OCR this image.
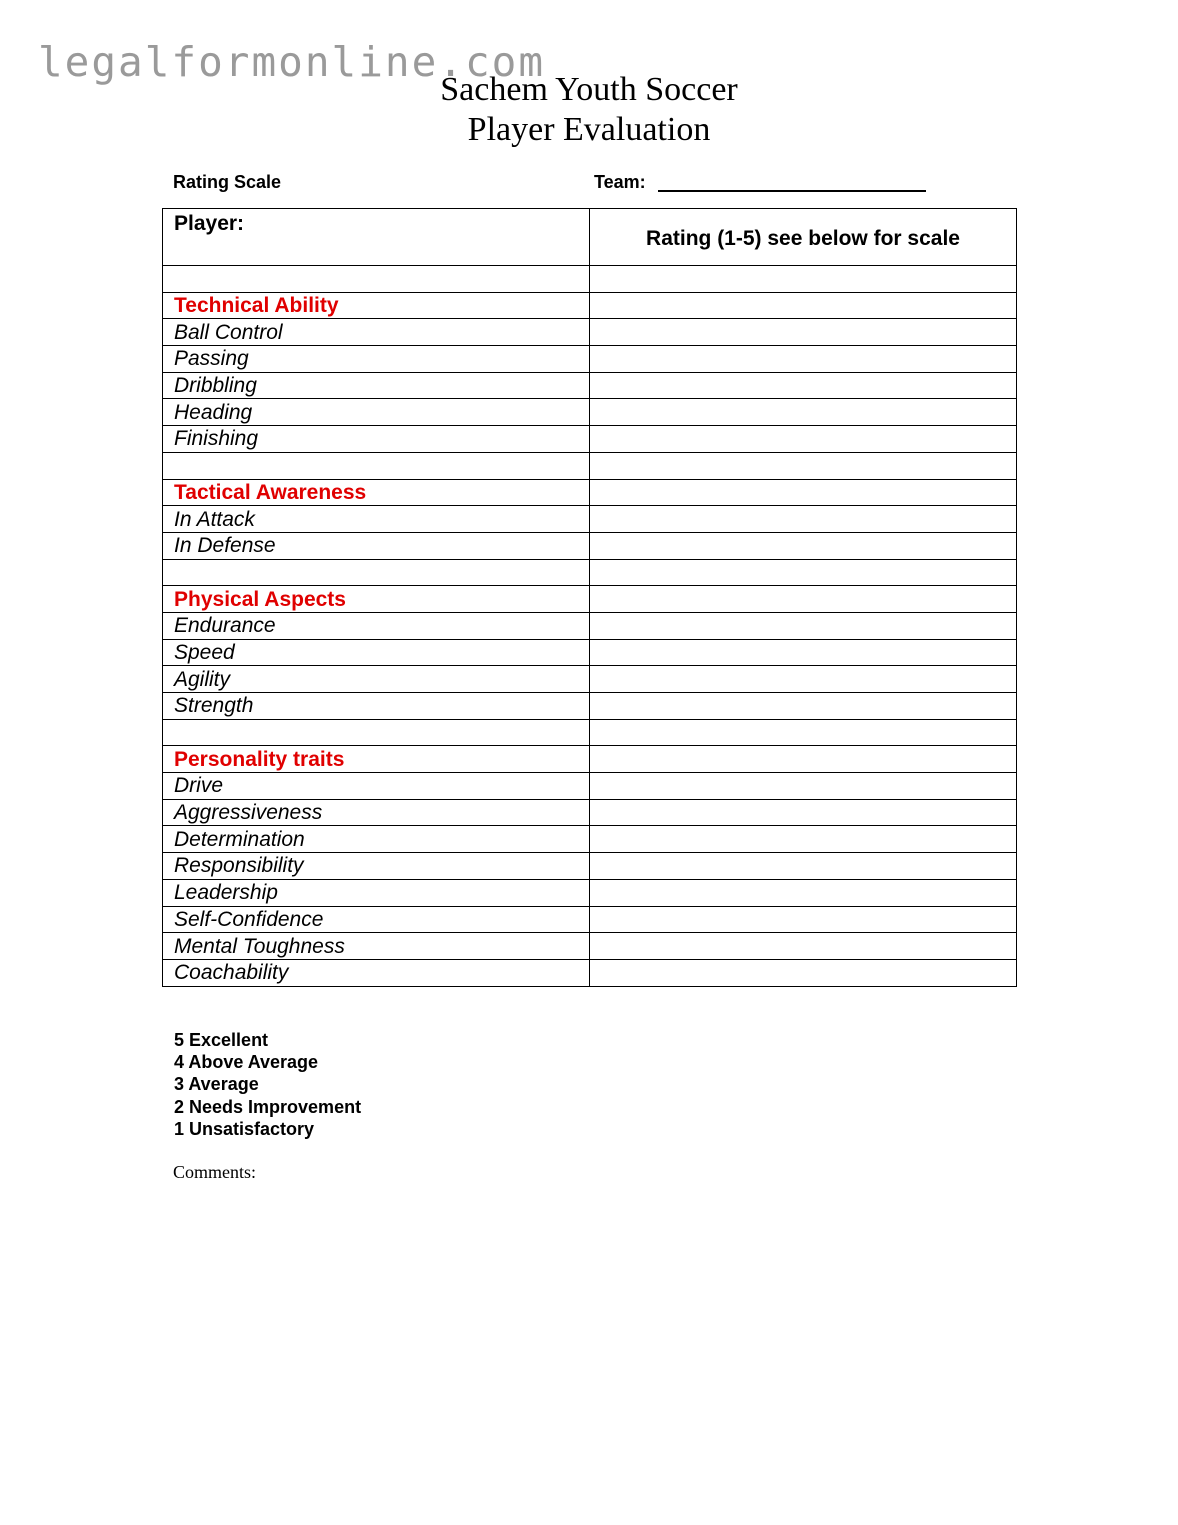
legalformonline.com
Sachem Youth Soccer
Player Evaluation
Rating Scale	Team:
Player:	Rating (1-5) see below for scale

Technical Ability	
Ball Control	
Passing	
Dribbling	
Heading	
Finishing	

Tactical Awareness	
In Attack	
In Defense	

Physical Aspects	
Endurance	
Speed	
Agility	
Strength	

Personality traits	
Drive	
Aggressiveness	
Determination	
Responsibility	
Leadership	
Self-Confidence	
Mental Toughness	
Coachability	
5 Excellent
4 Above Average
3 Average
2 Needs Improvement
1 Unsatisfactory
Comments:
